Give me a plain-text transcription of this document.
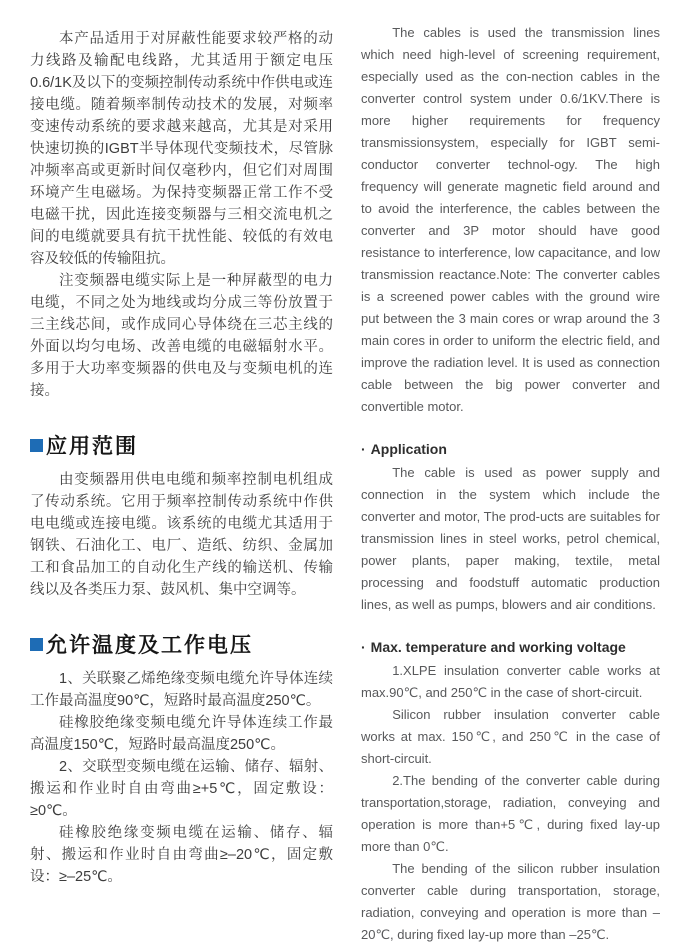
本产品适用于对屏蔽性能要求较严格的动力线路及输配电线路，尤其适用于额定电压0.6/1K及以下的变频控制传动系统中作供电或连接电缆。随着频率制传动技术的发展，对频率变速传动系统的要求越来越高，尤其是对采用快速切换的IGBT半导体现代变频技术，尽管脉冲频率高或更新时间仅毫秒内，但它们对周围环境产生电磁场。为保持变频器正常工作不受电磁干扰，因此连接变频器与三相交流电机之间的电缆就要具有抗干扰性能、较低的有效电容及较低的传输阻抗。

注变频器电缆实际上是一种屏蔽型的电力电缆，不同之处为地线或均分成三等份放置于三主线芯间，或作成同心导体绕在三芯主线的外面以均匀电场、改善电缆的电磁辐射水平。多用于大功率变频器的供电及与变频电机的连接。

应用范围

由变频器用供电电缆和频率控制电机组成了传动系统。它用于频率控制传动系统中作供电电缆或连接电缆。该系统的电缆尤其适用于钢铁、石油化工、电厂、造纸、纺织、金属加工和食品加工的自动化生产线的输送机、传输线以及各类压力泵、鼓风机、集中空调等。

允许温度及工作电压

1、关联聚乙烯绝缘变频电缆允许导体连续工作最高温度90℃，短路时最高温度250℃。

硅橡胶绝缘变频电缆允许导体连续工作最高温度150℃，短路时最高温度250℃。

2、交联型变频电缆在运输、储存、辐射、搬运和作业时自由弯曲≥+5℃，固定敷设：≥0℃。

硅橡胶绝缘变频电缆在运输、储存、辐射、搬运和作业时自由弯曲≥–20℃，固定敷设：≥–25℃。

The cables is used the transmission lines which need high-level of screening requirement, especially used as the con-nection cables in the converter control system under 0.6/1KV.There is more higher requirements for frequency transmissionsystem, especially for IGBT semi-conductor converter technol-ogy. The high frequency will generate magnetic field around and to avoid the interference, the cables between the converter and 3P motor should have good resistance to interference, low capacitance, and low transmission reactance.Note: The converter cables is a screened power cables with the ground wire put between the 3 main cores or wrap around the 3 main cores in order to uniform the electric field, and improve the radiation level. It is used as connection cable between the big power converter and convertible motor.

· Application

The cable is used as power supply and connection in the system which include the converter and motor, The prod-ucts are suitables for transmission lines in steel works, petrol chemical, power plants, paper making, textile, metal processing and foodstuff automatic production lines, as well as pumps, blowers and air conditions.

· Max. temperature and working voltage

1.XLPE insulation converter cable works at max.90℃, and 250℃ in the case of short-circuit.

Silicon rubber insulation converter cable works at max. 150℃, and 250℃ in the case of short-circuit.

2.The bending of the converter cable during transportation,storage, radiation, conveying and operation is more than+5℃, during fixed lay-up more than 0℃.

The bending of the silicon rubber insulation converter cable during transportation, storage, radiation, conveying and operation is more than –20℃, during fixed lay-up more than –25℃.
